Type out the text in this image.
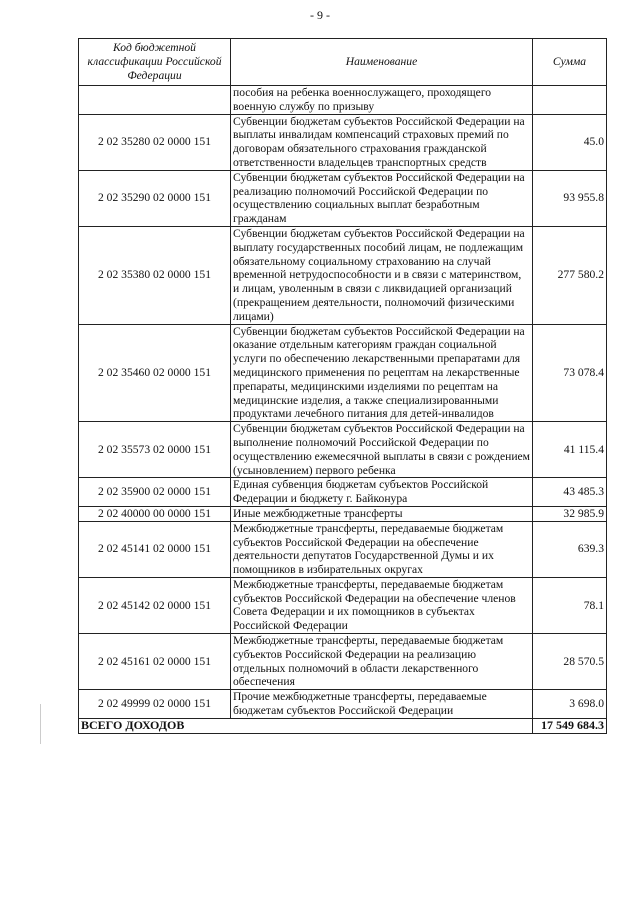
- 9 -
Код бюджетной классификации Российской Федерации	Наименование	Сумма
	пособия на ребенка военнослужащего, проходящего военную службу по призыву	
2 02 35280 02 0000 151	Субвенции бюджетам субъектов Российской Федерации на выплаты инвалидам компенсаций страховых премий по договорам обязательного страхования гражданской ответственности владельцев транспортных средств	45.0
2 02 35290 02 0000 151	Субвенции бюджетам субъектов Российской Федерации на реализацию полномочий Российской Федерации по осуществлению социальных выплат безработным гражданам	93 955.8
2 02 35380 02 0000 151	Субвенции бюджетам субъектов Российской Федерации на выплату государственных пособий лицам, не подлежащим обязательному социальному страхованию на случай временной нетрудоспособности и в связи с материнством, и лицам, уволенным в связи с ликвидацией организаций (прекращением деятельности, полномочий физическими лицами)	277 580.2
2 02 35460 02 0000 151	Субвенции бюджетам субъектов Российской Федерации на оказание отдельным категориям граждан социальной услуги по обеспечению лекарственными препаратами для медицинского применения по рецептам на лекарственные препараты, медицинскими изделиями по рецептам на медицинские изделия, а также специализированными продуктами лечебного питания для детей-инвалидов	73 078.4
2 02 35573 02 0000 151	Субвенции бюджетам субъектов Российской Федерации на выполнение полномочий Российской Федерации по осуществлению ежемесячной выплаты в связи с рождением (усыновлением) первого ребенка	41 115.4
2 02 35900 02 0000 151	Единая субвенция бюджетам субъектов Российской Федерации и бюджету г. Байконура	43 485.3
2 02 40000 00 0000 151	Иные межбюджетные трансферты	32 985.9
2 02 45141 02 0000 151	Межбюджетные трансферты, передаваемые бюджетам субъектов Российской Федерации на обеспечение деятельности депутатов Государственной Думы и их помощников в избирательных округах	639.3
2 02 45142 02 0000 151	Межбюджетные трансферты, передаваемые бюджетам субъектов Российской Федерации на обеспечение членов Совета Федерации и их помощников в субъектах Российской Федерации	78.1
2 02 45161 02 0000 151	Межбюджетные трансферты, передаваемые бюджетам субъектов Российской Федерации на реализацию отдельных полномочий в области лекарственного обеспечения	28 570.5
2 02 49999 02 0000 151	Прочие межбюджетные трансферты, передаваемые бюджетам субъектов Российской Федерации	3 698.0
ВСЕГО ДОХОДОВ		17 549 684.3
